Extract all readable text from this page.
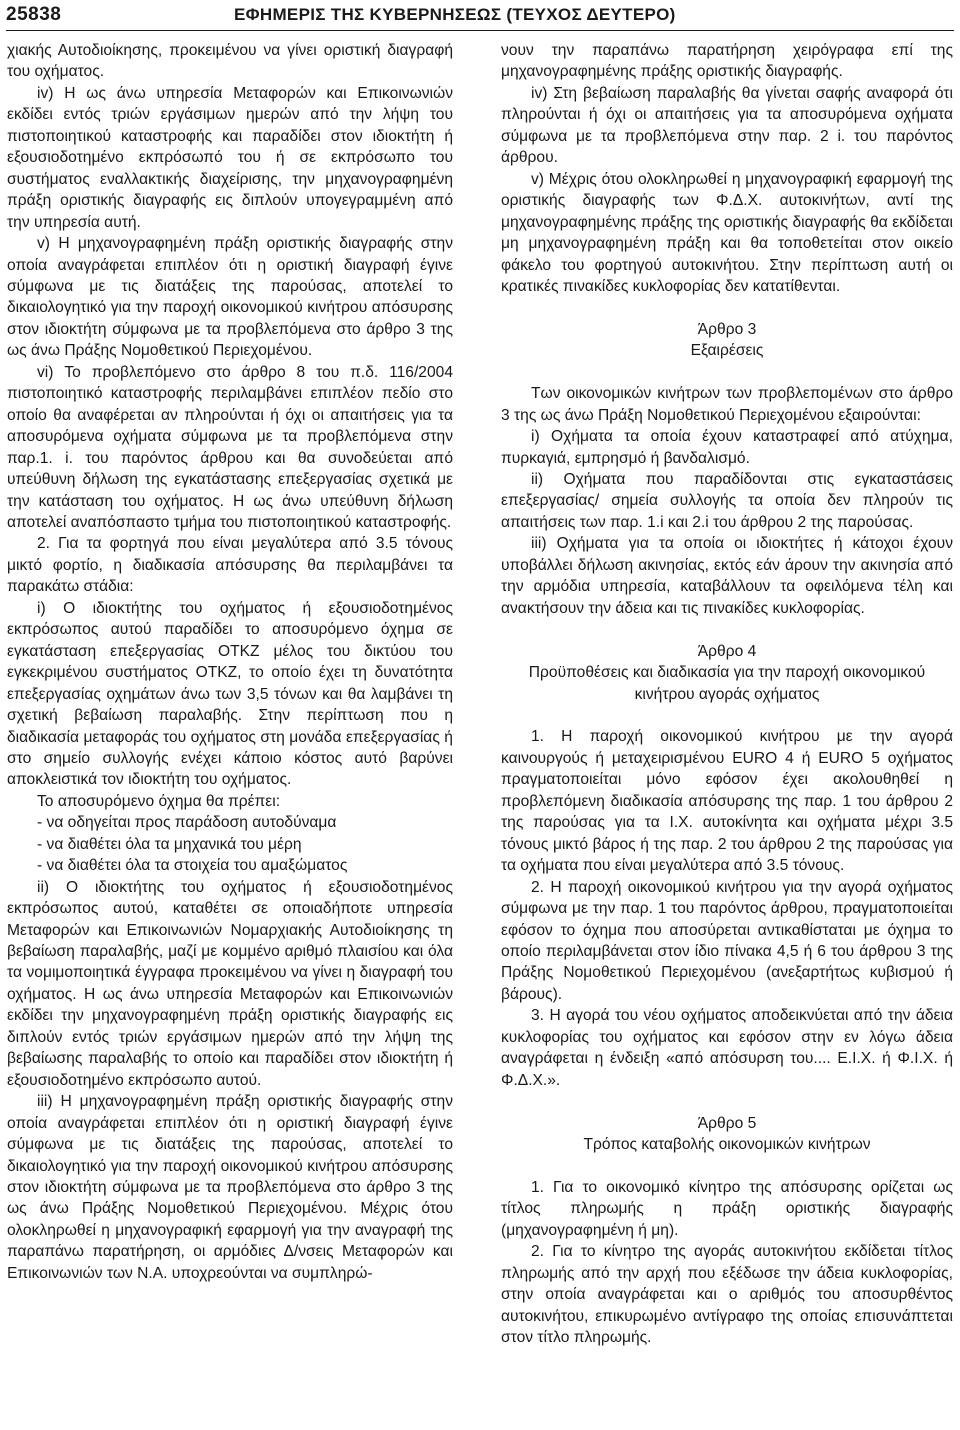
25838	ΕΦΗΜΕΡΙΣ ΤΗΣ ΚΥΒΕΡΝΗΣΕΩΣ (ΤΕΥΧΟΣ ΔΕΥΤΕΡΟ)

χιακής Αυτοδιοίκησης, προκειμένου να γίνει οριστική διαγραφή του οχήματος.

iv) Η ως άνω υπηρεσία Μεταφορών και Επικοινωνιών εκδίδει εντός τριών εργάσιμων ημερών από την λήψη του πιστοποιητικού καταστροφής και παραδίδει στον ιδιοκτήτη ή εξουσιοδοτημένο εκπρόσωπό του ή σε εκπρόσωπο του συστήματος εναλλακτικής διαχείρισης, την μηχανογραφημένη πράξη οριστικής διαγραφής εις διπλούν υπογεγραμμένη από την υπηρεσία αυτή.

v) Η μηχανογραφημένη πράξη οριστικής διαγραφής στην οποία αναγράφεται επιπλέον ότι η οριστική διαγραφή έγινε σύμφωνα με τις διατάξεις της παρούσας, αποτελεί το δικαιολογητικό για την παροχή οικονομικού κινήτρου απόσυρσης στον ιδιοκτήτη σύμφωνα με τα προβλεπόμενα στο άρθρο 3 της ως άνω Πράξης Νομοθετικού Περιεχομένου.

vi) Το προβλεπόμενο στο άρθρο 8 του π.δ. 116/2004 πιστοποιητικό καταστροφής περιλαμβάνει επιπλέον πεδίο στο οποίο θα αναφέρεται αν πληρούνται ή όχι οι απαιτήσεις για τα αποσυρόμενα οχήματα σύμφωνα με τα προβλεπόμενα στην παρ.1. i. του παρόντος άρθρου και θα συνοδεύεται από υπεύθυνη δήλωση της εγκατάστασης επεξεργασίας σχετικά με την κατάσταση του οχήματος. Η ως άνω υπεύθυνη δήλωση αποτελεί αναπόσπαστο τμήμα του πιστοποιητικού καταστροφής.

2. Για τα φορτηγά που είναι μεγαλύτερα από 3.5 τόνους μικτό φορτίο, η διαδικασία απόσυρσης θα περιλαμβάνει τα παρακάτω στάδια:

i) Ο ιδιοκτήτης του οχήματος ή εξουσιοδοτημένος εκπρόσωπος αυτού παραδίδει το αποσυρόμενο όχημα σε εγκατάσταση επεξεργασίας ΟΤΚΖ μέλος του δικτύου του εγκεκριμένου συστήματος ΟΤΚΖ, το οποίο έχει τη δυνατότητα επεξεργασίας οχημάτων άνω των 3,5 τόνων και θα λαμβάνει τη σχετική βεβαίωση παραλαβής. Στην περίπτωση που η διαδικασία μεταφοράς του οχήματος στη μονάδα επεξεργασίας ή στο σημείο συλλογής ενέχει κάποιο κόστος αυτό βαρύνει αποκλειστικά τον ιδιοκτήτη του οχήματος.

Το αποσυρόμενο όχημα θα πρέπει:

- να οδηγείται προς παράδοση αυτοδύναμα

- να διαθέτει όλα τα μηχανικά του μέρη

- να διαθέτει όλα τα στοιχεία του αμαξώματος

ii) Ο ιδιοκτήτης του οχήματος ή εξουσιοδοτημένος εκπρόσωπος αυτού, καταθέτει σε οποιαδήποτε υπηρεσία Μεταφορών και Επικοινωνιών Νομαρχιακής Αυτοδιοίκησης τη βεβαίωση παραλαβής, μαζί με κομμένο αριθμό πλαισίου και όλα τα νομιμοποιητικά έγγραφα προκειμένου να γίνει η διαγραφή του οχήματος. Η ως άνω υπηρεσία Μεταφορών και Επικοινωνιών εκδίδει την μηχανογραφημένη πράξη οριστικής διαγραφής εις διπλούν εντός τριών εργάσιμων ημερών από την λήψη της βεβαίωσης παραλαβής το οποίο και παραδίδει στον ιδιοκτήτη ή εξουσιοδοτημένο εκπρόσωπο αυτού.

iii) Η μηχανογραφημένη πράξη οριστικής διαγραφής στην οποία αναγράφεται επιπλέον ότι η οριστική διαγραφή έγινε σύμφωνα με τις διατάξεις της παρούσας, αποτελεί το δικαιολογητικό για την παροχή οικονομικού κινήτρου απόσυρσης στον ιδιοκτήτη σύμφωνα με τα προβλεπόμενα στο άρθρο 3 της ως άνω Πράξης Νομοθετικού Περιεχομένου. Μέχρις ότου ολοκληρωθεί η μηχανογραφική εφαρμογή για την αναγραφή της παραπάνω παρατήρηση, οι αρμόδιες Δ/νσεις Μεταφορών και Επικοινωνιών των Ν.Α. υποχρεούνται να συμπληρώ-

νουν την παραπάνω παρατήρηση χειρόγραφα επί της μηχανογραφημένης πράξης οριστικής διαγραφής.

iv) Στη βεβαίωση παραλαβής θα γίνεται σαφής αναφορά ότι πληρούνται ή όχι οι απαιτήσεις για τα αποσυρόμενα οχήματα σύμφωνα με τα προβλεπόμενα στην παρ. 2 i. του παρόντος άρθρου.

v) Μέχρις ότου ολοκληρωθεί η μηχανογραφική εφαρμογή της οριστικής διαγραφής των Φ.Δ.Χ. αυτοκινήτων, αντί της μηχανογραφημένης πράξης της οριστικής διαγραφής θα εκδίδεται μη μηχανογραφημένη πράξη και θα τοποθετείται στον οικείο φάκελο του φορτηγού αυτοκινήτου. Στην περίπτωση αυτή οι κρατικές πινακίδες κυκλοφορίας δεν κατατίθενται.

Άρθρο 3

Εξαιρέσεις

Των οικονομικών κινήτρων των προβλεπομένων στο άρθρο 3 της ως άνω Πράξη Νομοθετικού Περιεχομένου εξαιρούνται:

i) Οχήματα τα οποία έχουν καταστραφεί από ατύχημα, πυρκαγιά, εμπρησμό ή βανδαλισμό.

ii) Οχήματα που παραδίδονται στις εγκαταστάσεις επεξεργασίας/ σημεία συλλογής τα οποία δεν πληρούν τις απαιτήσεις των παρ. 1.i και 2.i του άρθρου 2 της παρούσας.

iii) Οχήματα για τα οποία οι ιδιοκτήτες ή κάτοχοι έχουν υποβάλλει δήλωση ακινησίας, εκτός εάν άρουν την ακινησία από την αρμόδια υπηρεσία, καταβάλλουν τα οφειλόμενα τέλη και ανακτήσουν την άδεια και τις πινακίδες κυκλοφορίας.

Άρθρο 4

Προϋποθέσεις και διαδικασία για την παροχή οικονομικού κινήτρου αγοράς οχήματος

1. Η παροχή οικονομικού κινήτρου με την αγορά καινουργούς ή μεταχειρισμένου EURO 4 ή EURO 5 οχήματος πραγματοποιείται μόνο εφόσον έχει ακολουθηθεί η προβλεπόμενη διαδικασία απόσυρσης της παρ. 1 του άρθρου 2 της παρούσας για τα Ι.Χ. αυτοκίνητα και οχήματα μέχρι 3.5 τόνους μικτό βάρος ή της παρ. 2 του άρθρου 2 της παρούσας για τα οχήματα που είναι μεγαλύτερα από 3.5 τόνους.

2. Η παροχή οικονομικού κινήτρου για την αγορά οχήματος σύμφωνα με την παρ. 1 του παρόντος άρθρου, πραγματοποιείται εφόσον το όχημα που αποσύρεται αντικαθίσταται με όχημα το οποίο περιλαμβάνεται στον ίδιο πίνακα 4,5 ή 6 του άρθρου 3 της Πράξης Νομοθετικού Περιεχομένου (ανεξαρτήτως κυβισμού ή βάρους).

3. Η αγορά του νέου οχήματος αποδεικνύεται από την άδεια κυκλοφορίας του οχήματος και εφόσον στην εν λόγω άδεια αναγράφεται η ένδειξη «από απόσυρση του.... Ε.Ι.Χ. ή Φ.Ι.Χ. ή Φ.Δ.Χ.».

Άρθρο 5

Τρόπος καταβολής οικονομικών κινήτρων

1. Για το οικονομικό κίνητρο της απόσυρσης ορίζεται ως τίτλος πληρωμής η πράξη οριστικής διαγραφής (μηχανογραφημένη ή μη).

2. Για το κίνητρο της αγοράς αυτοκινήτου εκδίδεται τίτλος πληρωμής από την αρχή που εξέδωσε την άδεια κυκλοφορίας, στην οποία αναγράφεται και ο αριθμός του αποσυρθέντος αυτοκινήτου, επικυρωμένο αντίγραφο της οποίας επισυνάπτεται στον τίτλο πληρωμής.
